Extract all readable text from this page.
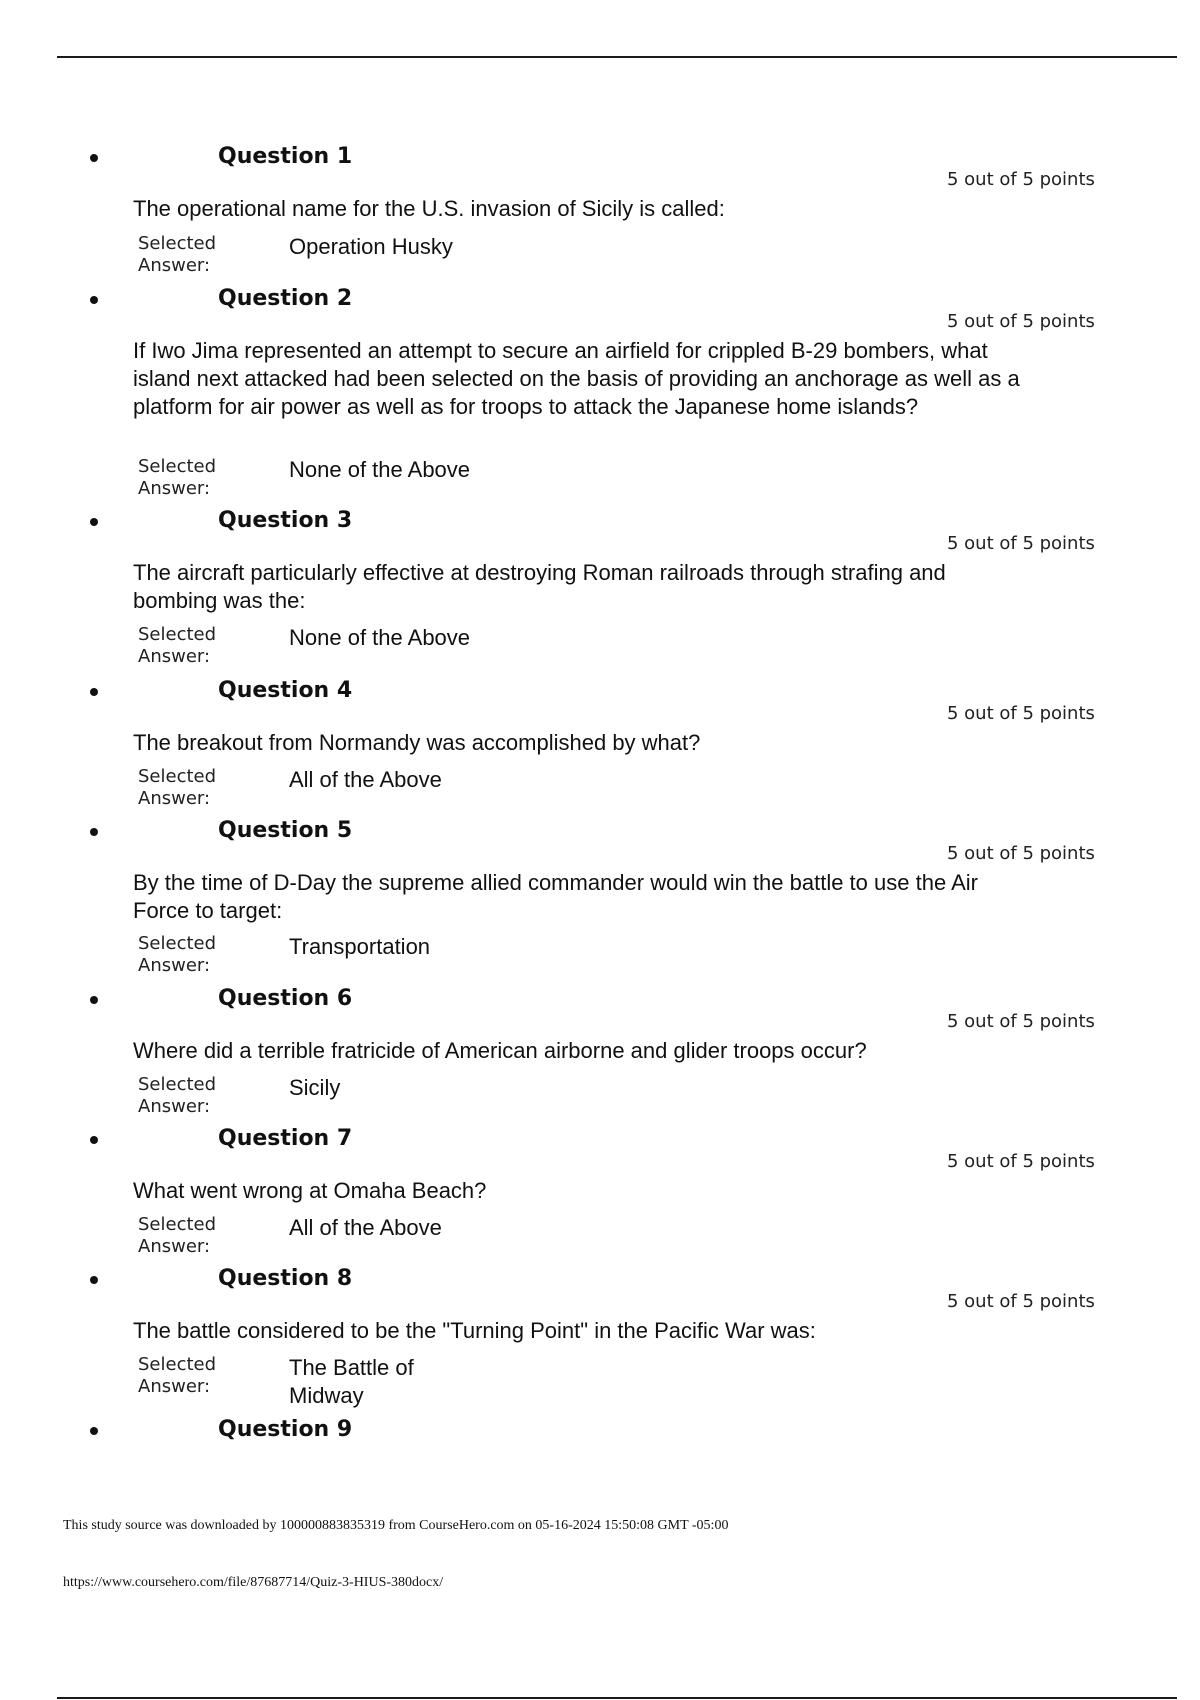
Question 1
5 out of 5 points
The operational name for the U.S. invasion of Sicily is called:
Selected Answer:
Operation Husky
Question 2
5 out of 5 points
If Iwo Jima represented an attempt to secure an airfield for crippled B-29 bombers, what island next attacked had been selected on the basis of providing an anchorage as well as a platform for air power as well as for troops to attack the Japanese home islands?
Selected Answer:
None of the Above
Question 3
5 out of 5 points
The aircraft particularly effective at destroying Roman railroads through strafing and bombing was the:
Selected Answer:
None of the Above
Question 4
5 out of 5 points
The breakout from Normandy was accomplished by what?
Selected Answer:
All of the Above
Question 5
5 out of 5 points
By the time of D-Day the supreme allied commander would win the battle to use the Air Force to target:
Selected Answer:
Transportation
Question 6
5 out of 5 points
Where did a terrible fratricide of American airborne and glider troops occur?
Selected Answer:
Sicily
Question 7
5 out of 5 points
What went wrong at Omaha Beach?
Selected Answer:
All of the Above
Question 8
5 out of 5 points
The battle considered to be the "Turning Point" in the Pacific War was:
Selected Answer:
The Battle of Midway
Question 9
This study source was downloaded by 100000883835319 from CourseHero.com on 05-16-2024 15:50:08 GMT -05:00
https://www.coursehero.com/file/87687714/Quiz-3-HIUS-380docx/
